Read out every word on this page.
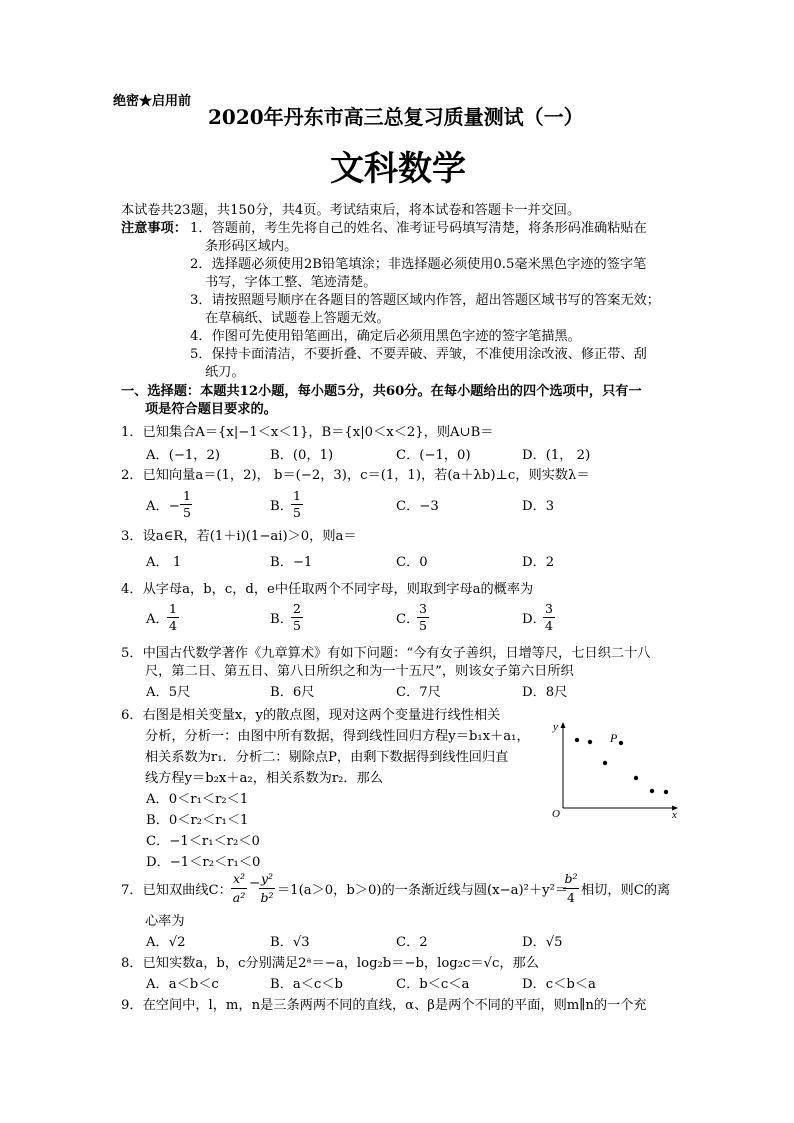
绝密★启用前
2020年丹东市高三总复习质量测试（一）
文科数学
本试卷共23题，共150分，共4页。考试结束后，将本试卷和答题卡一并交回。
注意事项： 1．答题前，考生先将自己的姓名、准考证号码填写清楚，将条形码准确粘贴在
条形码区域内。
2．选择题必须使用2B铅笔填涂；非选择题必须使用0.5毫米黑色字迹的签字笔
书写，字体工整、笔迹清楚。
3．请按照题号顺序在各题目的答题区域内作答，超出答题区域书写的答案无效；
在草稿纸、试题卷上答题无效。
4．作图可先使用铅笔画出，确定后必须用黑色字迹的签字笔描黑。
5．保持卡面清洁，不要折叠、不要弄破、弄皱，不准使用涂改液、修正带、刮
纸刀。
一、选择题：本题共12小题，每小题5分，共60分。在每小题给出的四个选项中，只有一
项是符合题目要求的。
1．已知集合A＝{x|−1＜x＜1}，B＝{x|0＜x＜2}，则A∪B＝
A．(−1，2)	B．(0，1)	C．(−1，0)	D．(1， 2)
2．已知向量a＝(1，2)， b＝(−2，3)，c＝(1，1)，若(a＋λb)⊥c，则实数λ＝
A．−
1
5	B．
1
5	C．−3	D．3
3．设a∈R，若(1＋i)(1−ai)＞0，则a＝
A． 1	B．−1	C．0	D．2
4．从字母a，b，c，d，e中任取两个不同字母，则取到字母a的概率为
A．
1
4	B．
2
5	C．
3
5	D．
3
4
5．中国古代数学著作《九章算术》有如下问题：“今有女子善织，日增等尺，七日织二十八
尺，第二日、第五日、第八日所织之和为一十五尺”，则该女子第六日所织
A．5尺	B．6尺	C．7尺	D．8尺
6．右图是相关变量x，y的散点图，现对这两个变量进行线性相关
分析，分析一：由图中所有数据，得到线性回归方程y＝b₁x＋a₁，
相关系数为r₁．分析二：剔除点P，由剩下数据得到线性回归直
线方程y＝b₂x＋a₂，相关系数为r₂．那么
A．0＜r₁＜r₂＜1
B．0＜r₂＜r₁＜1
C．−1＜r₁＜r₂＜0
D．−1＜r₂＜r₁＜0
y
x
O
P
7．已知双曲线C：
x²
a²
− y²
b² ＝1(a＞0，b＞0)的一条渐近线与圆(x−a)²＋y²＝
b²
4 相切，则C的离
心率为
A．√2	B．√3	C．2	D．√5
8．已知实数a，b，c分别满足2ᵃ＝−a，log₂b＝−b，log₂c＝√c，那么
A．a＜b＜c	B．a＜c＜b	C．b＜c＜a	D．c＜b＜a
9．在空间中，l，m，n是三条两两不同的直线，α、β是两个不同的平面，则m∥n的一个充
